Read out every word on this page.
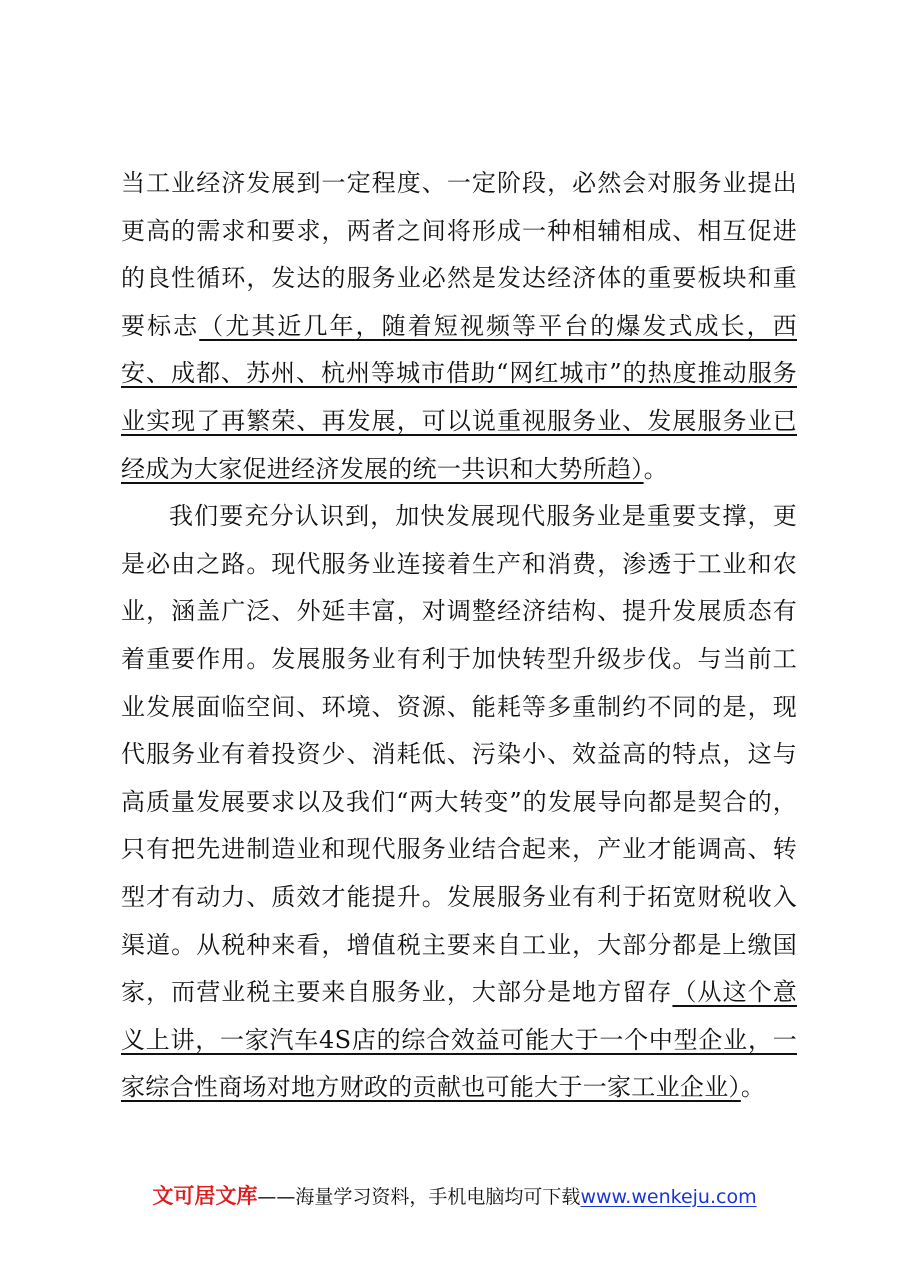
当工业经济发展到一定程度、一定阶段，必然会对服务业提出更高的需求和要求，两者之间将形成一种相辅相成、相互促进的良性循环，发达的服务业必然是发达经济体的重要板块和重要标志（尤其近几年，随着短视频等平台的爆发式成长，西安、成都、苏州、杭州等城市借助“网红城市”的热度推动服务业实现了再繁荣、再发展，可以说重视服务业、发展服务业已经成为大家促进经济发展的统一共识和大势所趋）。

我们要充分认识到，加快发展现代服务业是重要支撑，更是必由之路。现代服务业连接着生产和消费，渗透于工业和农业，涵盖广泛、外延丰富，对调整经济结构、提升发展质态有着重要作用。发展服务业有利于加快转型升级步伐。与当前工业发展面临空间、环境、资源、能耗等多重制约不同的是，现代服务业有着投资少、消耗低、污染小、效益高的特点，这与高质量发展要求以及我们“两大转变”的发展导向都是契合的，只有把先进制造业和现代服务业结合起来，产业才能调高、转型才有动力、质效才能提升。发展服务业有利于拓宽财税收入渠道。从税种来看，增值税主要来自工业，大部分都是上缴国家，而营业税主要来自服务业，大部分是地方留存（从这个意义上讲，一家汽车4S店的综合效益可能大于一个中型企业，一家综合性商场对地方财政的贡献也可能大于一家工业企业）。

文可居文库——海量学习资料，手机电脑均可下载www.wenkeju.com
